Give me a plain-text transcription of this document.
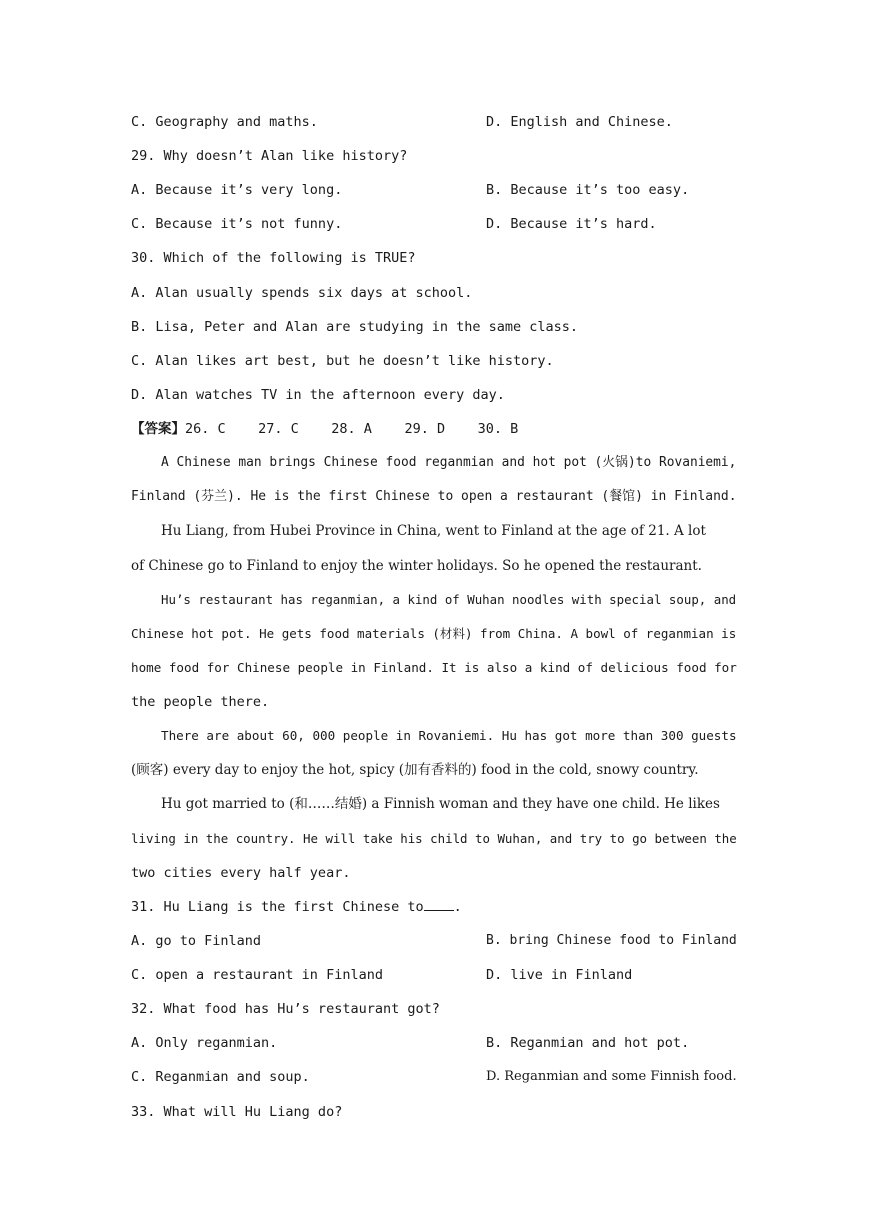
C. Geography and maths.	D. English and Chinese.
29. Why doesn’t Alan like history?
A. Because it’s very long.	B. Because it’s too easy.
C. Because it’s not funny.	D. Because it’s hard.
30. Which of the following is TRUE?
A. Alan usually spends six days at school.
B. Lisa, Peter and Alan are studying in the same class.
C. Alan likes art best, but he doesn’t like history.
D. Alan watches TV in the afternoon every day.
【答案】26. C    27. C    28. A    29. D    30. B
A Chinese man brings Chinese food reganmian and hot pot (火锅)to Rovaniemi,
Finland (芬兰). He is the first Chinese to open a restaurant (餐馆) in Finland.
Hu Liang, from Hubei Province in China, went to Finland at the age of 21. A lot
of Chinese go to Finland to enjoy the winter holidays. So he opened the restaurant.
Hu’s restaurant has reganmian, a kind of Wuhan noodles with special soup, and
Chinese hot pot. He gets food materials (材料) from China. A bowl of reganmian is
home food for Chinese people in Finland. It is also a kind of delicious food for
the people there.
There are about 60, 000 people in Rovaniemi. Hu has got more than 300 guests
(顾客) every day to enjoy the hot, spicy (加有香料的) food in the cold, snowy country.
Hu got married to (和……结婚) a Finnish woman and they have one child. He likes
living in the country. He will take his child to Wuhan, and try to go between the
two cities every half year.
31. Hu Liang is the first Chinese to .
A. go to Finland	B. bring Chinese food to Finland
C. open a restaurant in Finland	D. live in Finland
32. What food has Hu’s restaurant got?
A. Only reganmian.	B. Reganmian and hot pot.
C. Reganmian and soup.	D. Reganmian and some Finnish food.
33. What will Hu Liang do?
